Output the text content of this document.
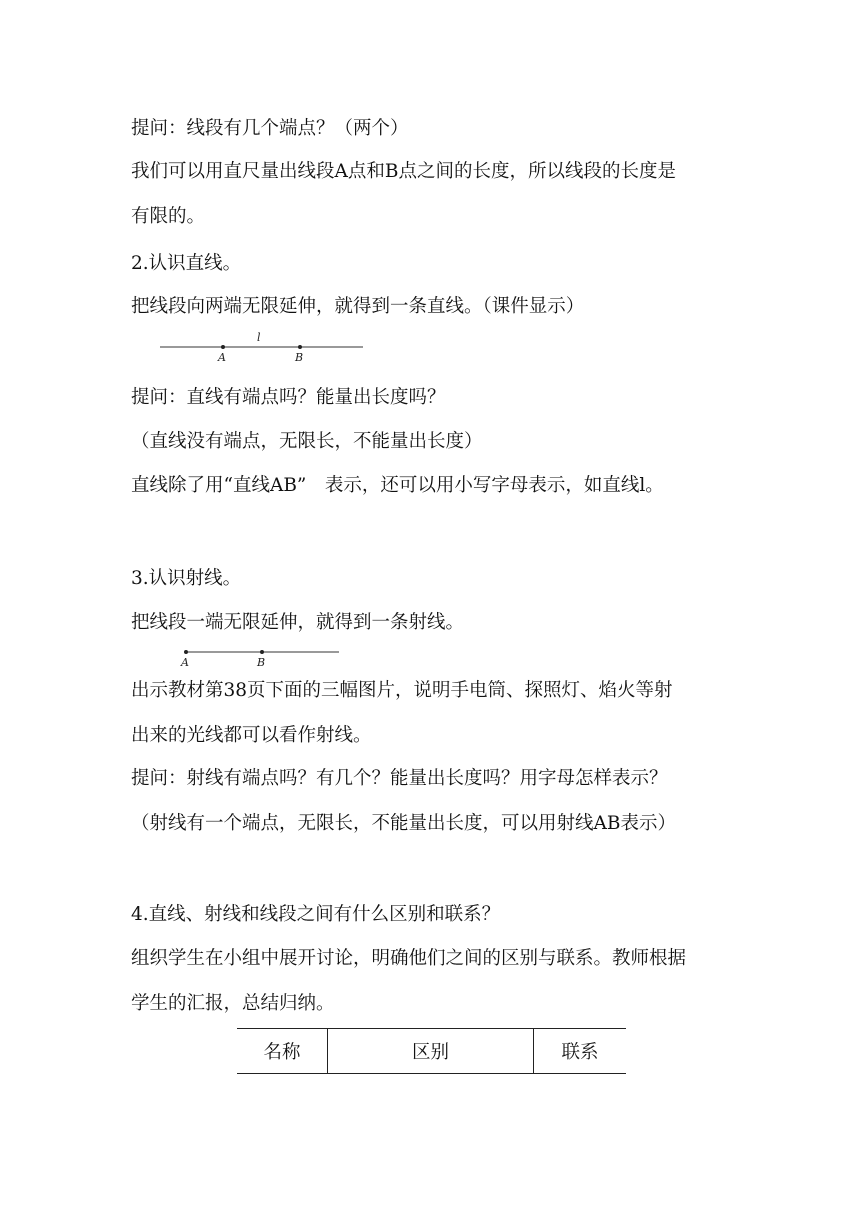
提问：线段有几个端点？（两个）
我们可以用直尺量出线段A点和B点之间的长度，所以线段的长度是
有限的。
2.认识直线。
把线段向两端无限延伸，就得到一条直线。（课件显示）
l
A	B
提问：直线有端点吗？能量出长度吗？
（直线没有端点，无限长，不能量出长度）
直线除了用“直线AB”　表示，还可以用小写字母表示，如直线l。
3.认识射线。
把线段一端无限延伸，就得到一条射线。
A	B
出示教材第38页下面的三幅图片，说明手电筒、探照灯、焰火等射
出来的光线都可以看作射线。
提问：射线有端点吗？有几个？能量出长度吗？用字母怎样表示？
（射线有一个端点，无限长，不能量出长度，可以用射线AB表示）
4.直线、射线和线段之间有什么区别和联系？
组织学生在小组中展开讨论，明确他们之间的区别与联系。教师根据
学生的汇报，总结归纳。
名称	区别	联系
